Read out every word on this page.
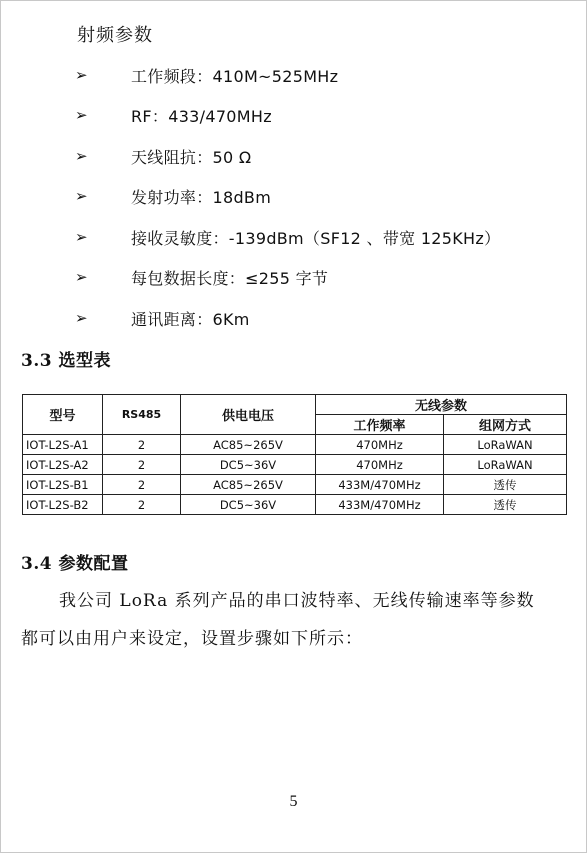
射频参数
➢	工作频段：410M~525MHz
➢	RF：433/470MHz
➢	天线阻抗：50 Ω
➢	发射功率：18dBm
➢	接收灵敏度：-139dBm（SF12 、带宽 125KHz）
➢	每包数据长度：≤255 字节
➢	通讯距离：6Km
3.3 选型表
型号	RS485	供电电压	无线参数	
			工作频率	组网方式
IOT-L2S-A1	2	AC85~265V	470MHz	LoRaWAN
IOT-L2S-A2	2	DC5~36V	470MHz	LoRaWAN
IOT-L2S-B1	2	AC85~265V	433M/470MHz	透传
IOT-L2S-B2	2	DC5~36V	433M/470MHz	透传
3.4 参数配置
我公司 LoRa 系列产品的串口波特率、无线传输速率等参数
都可以由用户来设定，设置步骤如下所示：
5
